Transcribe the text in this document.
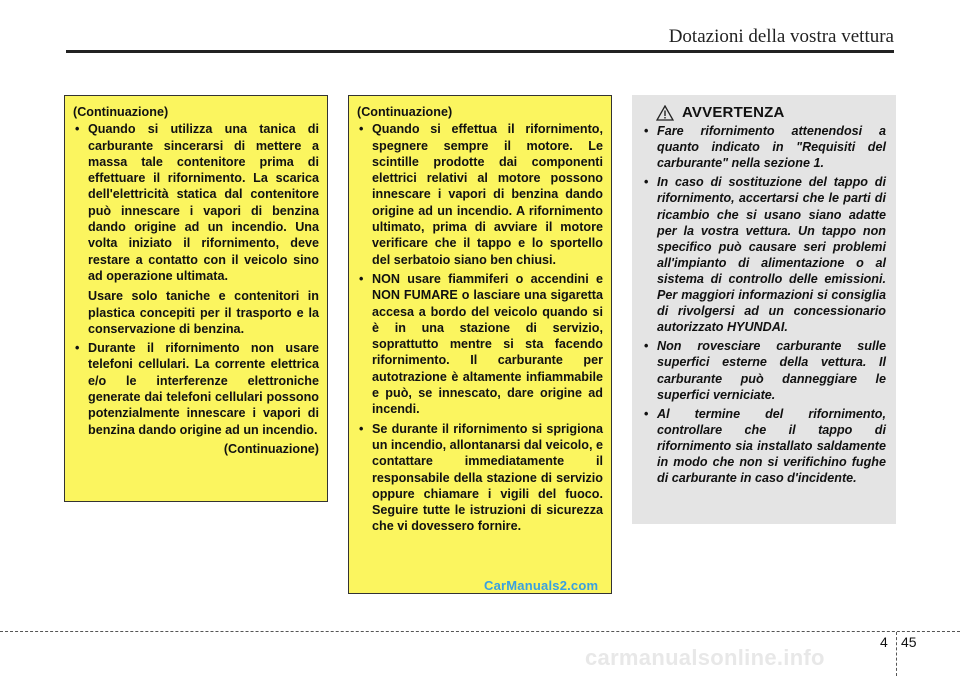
Dotazioni della vostra vettura
(Continuazione)

• Quando si utilizza una tanica di carburante sincerarsi di mettere a massa tale contenitore prima di effettuare il rifornimento. La scarica dell'elettricità statica dal contenitore può innescare i vapori di benzina dando origine ad un incendio. Una volta iniziato il rifornimento, deve restare a contatto con il veicolo sino ad operazione ultimata.

Usare solo taniche e contenitori in plastica concepiti per il trasporto e la conservazione di benzina.

• Durante il rifornimento non usare telefoni cellulari. La corrente elettrica e/o le interferenze elettroniche generate dai telefoni cellulari possono potenzialmente innescare i vapori di benzina dando origine ad un incendio.

(Continuazione)
(Continuazione)
• Quando si effettua il rifornimento, spegnere sempre il motore. Le scintille prodotte dai componenti elettrici relativi al motore possono innescare i vapori di benzina dando origine ad un incendio. A rifornimento ultimato, prima di avviare il motore verificare che il tappo e lo sportello del serbatoio siano ben chiusi.
• NON usare fiammiferi o accendini e NON FUMARE o lasciare una sigaretta accesa a bordo del veicolo quando si è in una stazione di servizio, soprattutto mentre si sta facendo rifornimento. Il carburante per autotrazione è altamente infiammabile e può, se innescato, dare origine ad incendi.
• Se durante il rifornimento si sprigiona un incendio, allontanarsi dal veicolo, e contattare immediatamente il responsabile della stazione di servizio oppure chiamare i vigili del fuoco. Seguire tutte le istruzioni di sicurezza che vi dovessero fornire.
AVVERTENZA
• Fare rifornimento attenendosi a quanto indicato in "Requisiti del carburante" nella sezione 1.
• In caso di sostituzione del tappo di rifornimento, accertarsi che le parti di ricambio che si usano siano adatte per la vostra vettura. Un tappo non specifico può causare seri problemi all'impianto di alimentazione o al sistema di controllo delle emissioni. Per maggiori informazioni si consiglia di rivolgersi ad un concessionario autorizzato HYUNDAI.
• Non rovesciare carburante sulle superfici esterne della vettura. Il carburante può danneggiare le superfici verniciate.
• Al termine del rifornimento, controllare che il tappo di rifornimento sia installato saldamente in modo che non si verifichino fughe di carburante in caso d'incidente.
CarManuals2.com
4 45
carmanualsonline.info
